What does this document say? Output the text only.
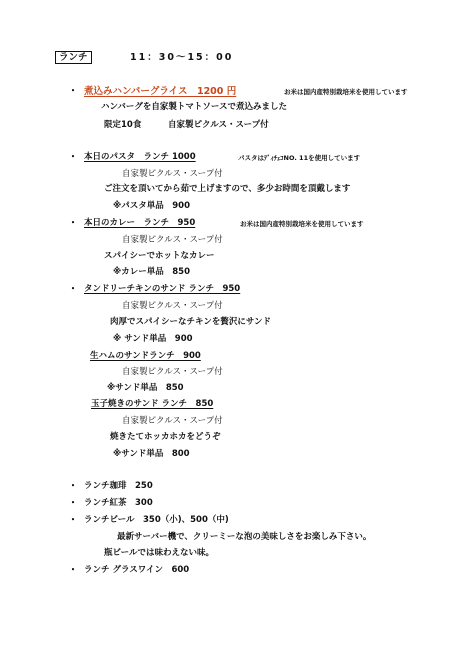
ランチ	11：30～15：00
・ 煮込みハンバーグライス　1200 円	お米は国内産特別栽培米を使用しています
ハンバーグを自家製トマトソースで煮込みました
限定10食	自家製ピクルス・スープ付
・ 本日のパスタ　ランチ 1000	パスタはﾃﾞｨﾁｪｺNO. 11を使用しています
自家製ピクルス・スープ付
ご注文を頂いてから茹で上げますので、多少お時間を頂戴します
※パスタ単品　900
・ 本日のカレー　ランチ　950	お米は国内産特別栽培米を使用しています
自家製ピクルス・スープ付
スパイシーでホットなカレー
※カレー単品　850
・ タンドリーチキンのサンド ランチ　950
自家製ピクルス・スープ付
肉厚でスパイシーなチキンを贅沢にサンド
※ サンド単品　900
生ハムのサンドランチ　900
自家製ピクルス・スープ付
※サンド単品　850
玉子焼きのサンド ランチ　850
自家製ピクルス・スープ付
焼きたてホッカホカをどうぞ
※サンド単品　800
・ ランチ珈琲　250
・ ランチ紅茶　300
・ ランチビール　350（小)、500（中)
最新サーバー機で、クリーミーな泡の美味しさをお楽しみ下さい。
瓶ビールでは味わえない味。
・ ランチ グラスワイン　600
